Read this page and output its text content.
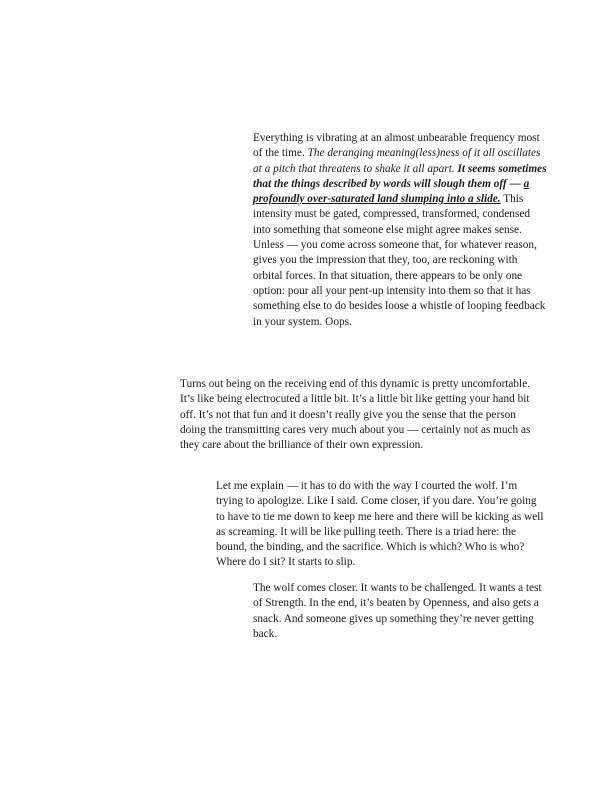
Everything is vibrating at an almost unbearable frequency most of the time. The deranging meaning(less)ness of it all oscillates at a pitch that threatens to shake it all apart. It seems sometimes that the things described by words will slough them off — a profoundly over-saturated land slumping into a slide. This intensity must be gated, compressed, transformed, condensed into something that someone else might agree makes sense. Unless — you come across someone that, for whatever reason, gives you the impression that they, too, are reckoning with orbital forces. In that situation, there appears to be only one option: pour all your pent-up intensity into them so that it has something else to do besides loose a whistle of looping feedback in your system. Oops.

Turns out being on the receiving end of this dynamic is pretty uncomfortable. It’s like being electrocuted a little bit. It’s a little bit like getting your hand bit off. It’s not that fun and it doesn’t really give you the sense that the person doing the transmitting cares very much about you — certainly not as much as they care about the brilliance of their own expression.

Let me explain — it has to do with the way I courted the wolf. I’m trying to apologize. Like I said. Come closer, if you dare. You’re going to have to tie me down to keep me here and there will be kicking as well as screaming. It will be like pulling teeth. There is a triad here: the bound, the binding, and the sacrifice. Which is which? Who is who? Where do I sit? It starts to slip.

The wolf comes closer. It wants to be challenged. It wants a test of Strength. In the end, it’s beaten by Openness, and also gets a snack. And someone gives up something they’re never getting back.
